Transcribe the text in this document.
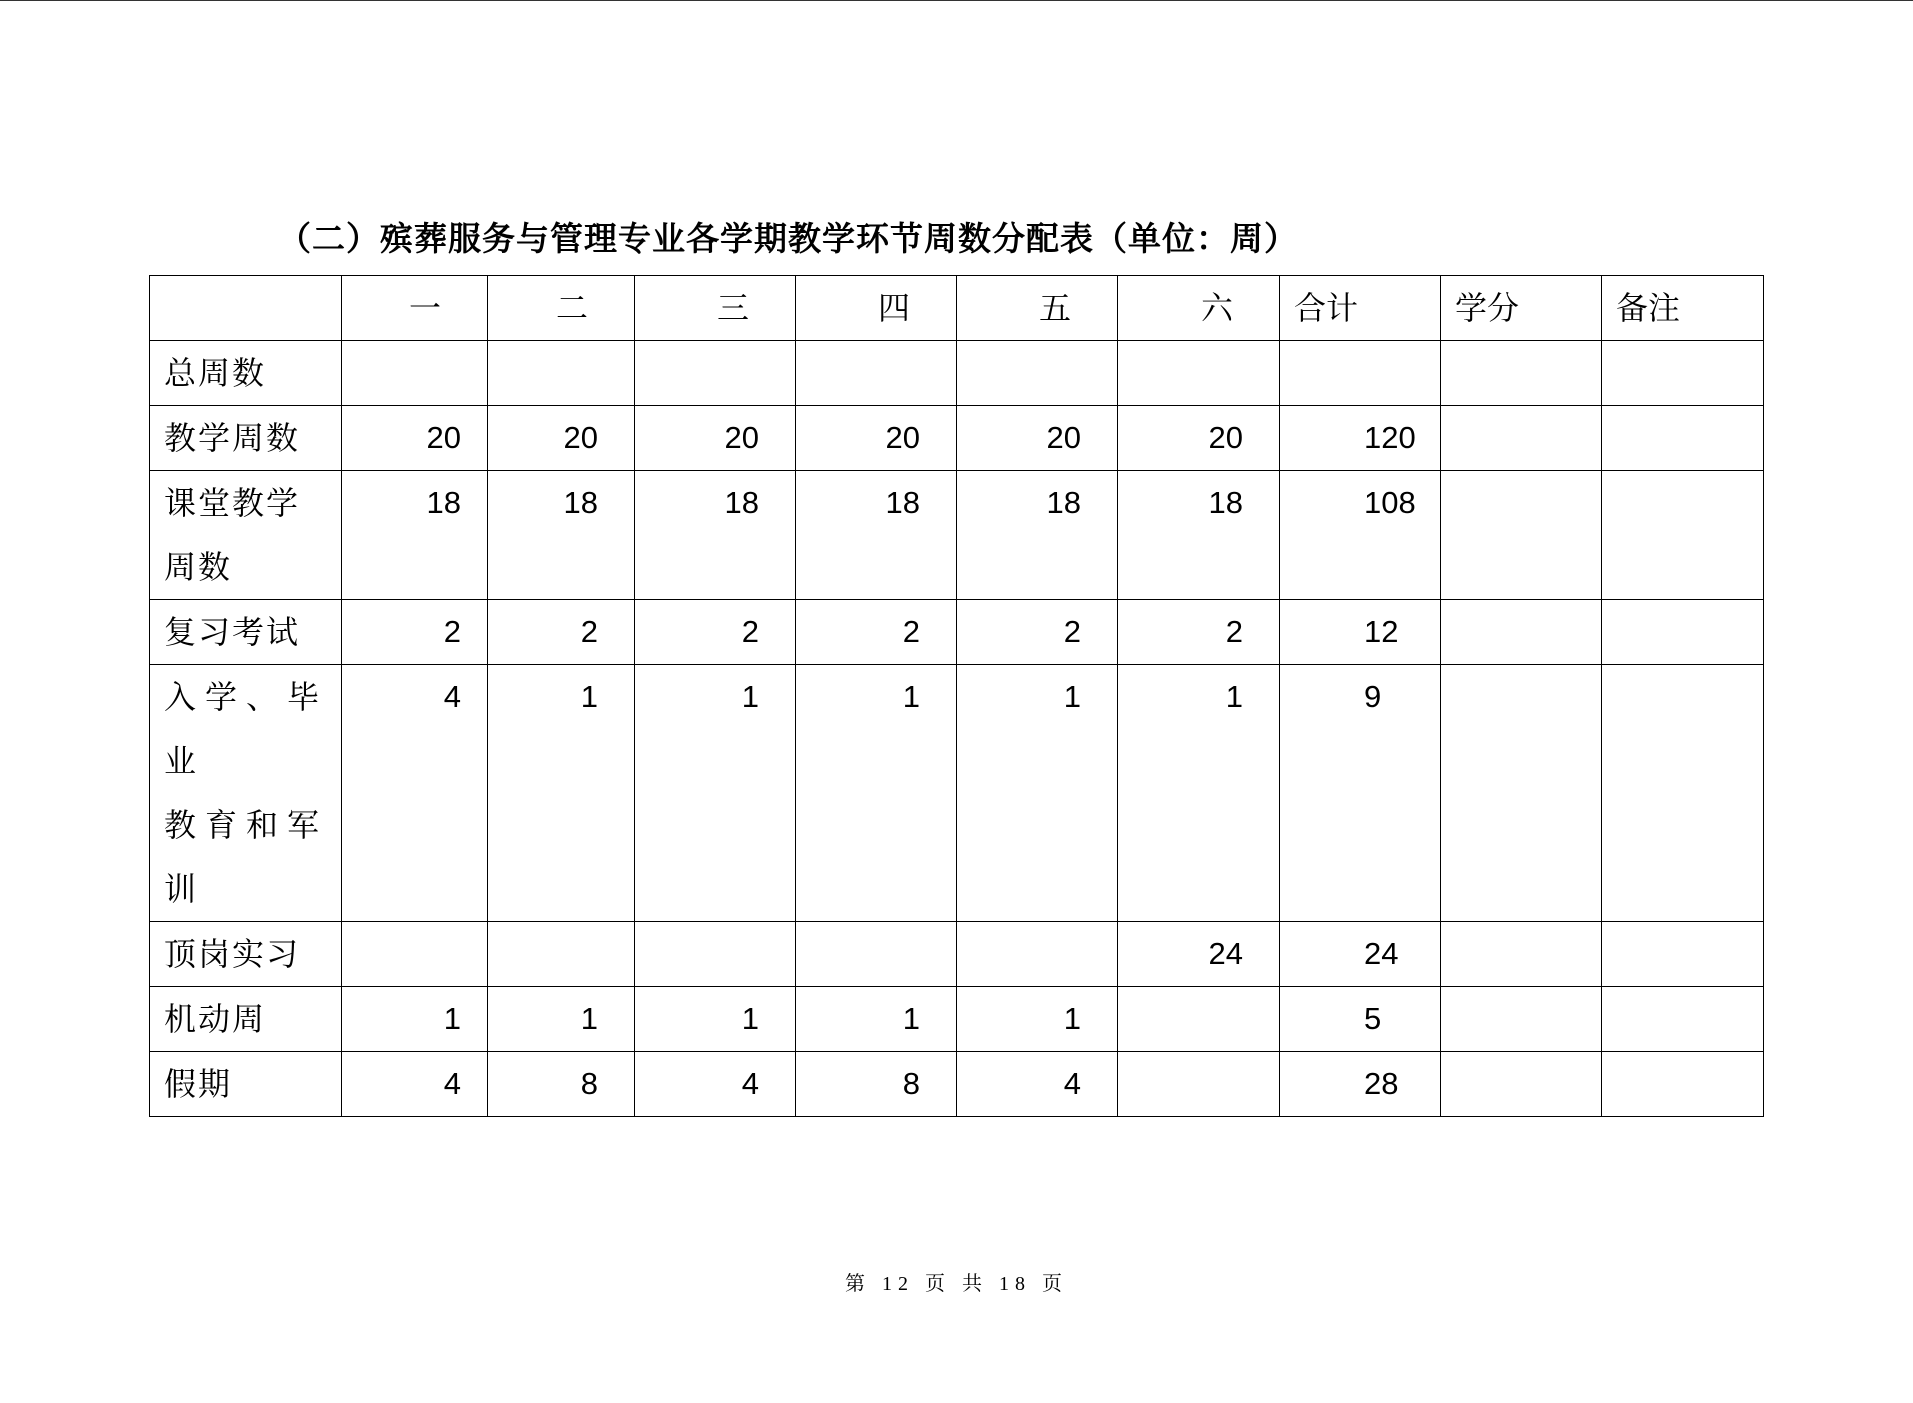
（二）殡葬服务与管理专业各学期教学环节周数分配表（单位：周）
	一	二	三	四	五	六	合计	学分	备注
总周数									
教学周数	20	20	20	20	20	20	120		
课堂教学
周数	18	18	18	18	18	18	108		
复习考试	2	2	2	2	2	2	12		
入学、毕业
教育和军
训	4	1	1	1	1	1	9		
顶岗实习						24	24		
机动周	1	1	1	1	1		5		
假期	4	8	4	8	4		28		
第 12 页 共 18 页
